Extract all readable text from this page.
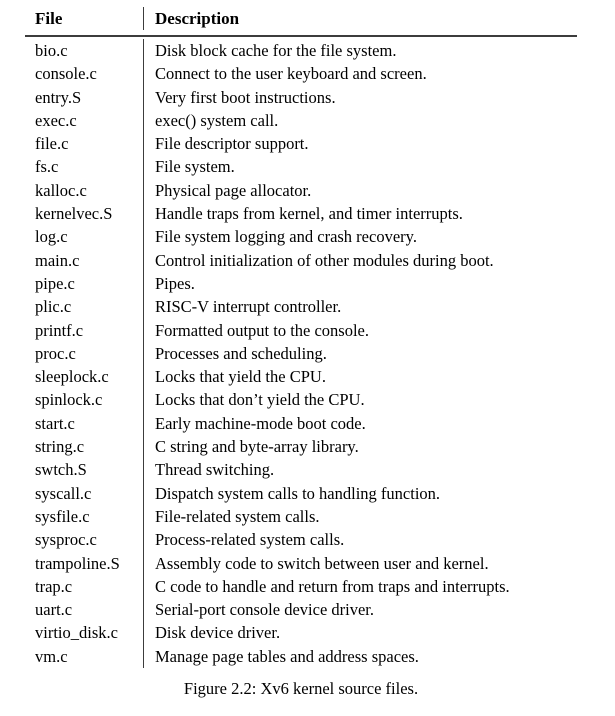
File	Description
bio.c	Disk block cache for the file system.
console.c	Connect to the user keyboard and screen.
entry.S	Very first boot instructions.
exec.c	exec() system call.
file.c	File descriptor support.
fs.c	File system.
kalloc.c	Physical page allocator.
kernelvec.S	Handle traps from kernel, and timer interrupts.
log.c	File system logging and crash recovery.
main.c	Control initialization of other modules during boot.
pipe.c	Pipes.
plic.c	RISC-V interrupt controller.
printf.c	Formatted output to the console.
proc.c	Processes and scheduling.
sleeplock.c	Locks that yield the CPU.
spinlock.c	Locks that don’t yield the CPU.
start.c	Early machine-mode boot code.
string.c	C string and byte-array library.
swtch.S	Thread switching.
syscall.c	Dispatch system calls to handling function.
sysfile.c	File-related system calls.
sysproc.c	Process-related system calls.
trampoline.S	Assembly code to switch between user and kernel.
trap.c	C code to handle and return from traps and interrupts.
uart.c	Serial-port console device driver.
virtio_disk.c	Disk device driver.
vm.c	Manage page tables and address spaces.
Figure 2.2: Xv6 kernel source files.
